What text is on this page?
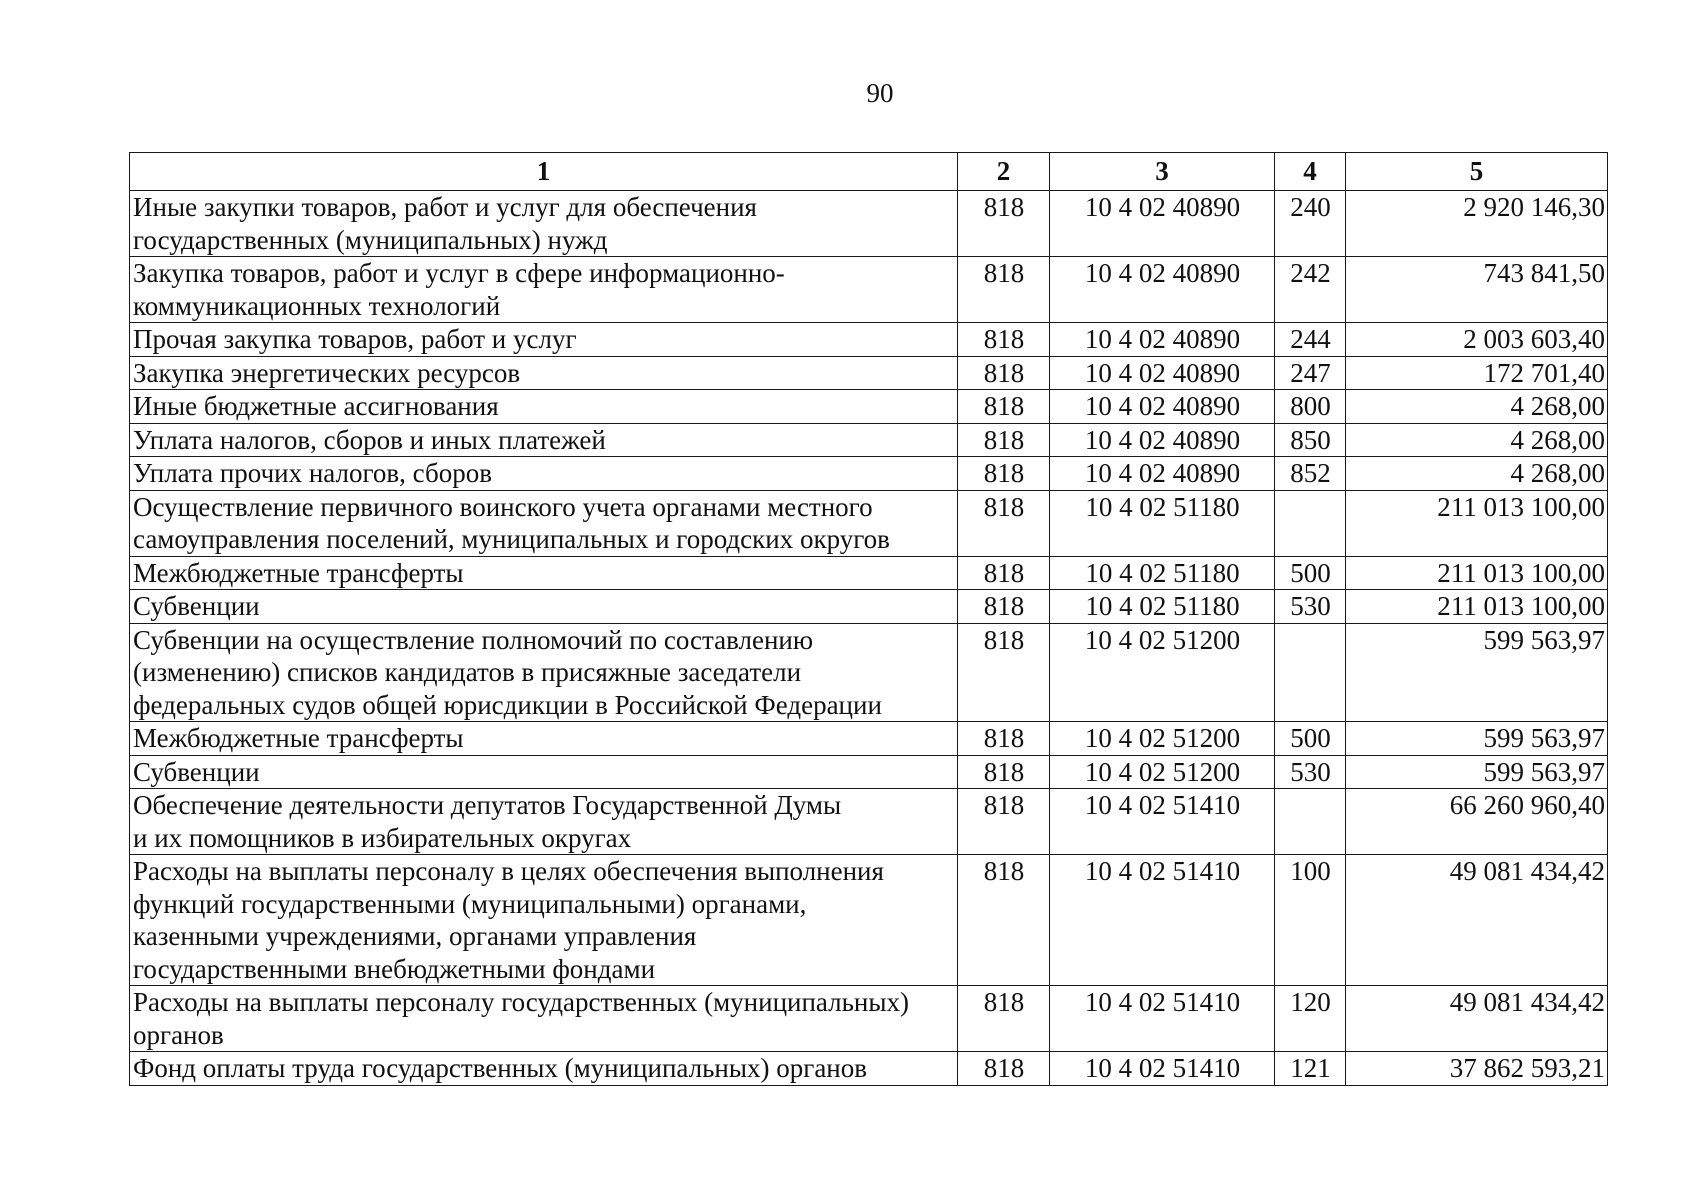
90
1	2	3	4	5
Иные закупки товаров, работ и услуг для обеспечения
государственных (муниципальных) нужд	818	10 4 02 40890	240	2 920 146,30
Закупка товаров, работ и услуг в сфере информационно-
коммуникационных технологий	818	10 4 02 40890	242	743 841,50
Прочая закупка товаров, работ и услуг	818	10 4 02 40890	244	2 003 603,40
Закупка энергетических ресурсов	818	10 4 02 40890	247	172 701,40
Иные бюджетные ассигнования	818	10 4 02 40890	800	4 268,00
Уплата налогов, сборов и иных платежей	818	10 4 02 40890	850	4 268,00
Уплата прочих налогов, сборов	818	10 4 02 40890	852	4 268,00
Осуществление первичного воинского учета органами местного
самоуправления поселений, муниципальных и городских округов	818	10 4 02 51180		211 013 100,00
Межбюджетные трансферты	818	10 4 02 51180	500	211 013 100,00
Субвенции	818	10 4 02 51180	530	211 013 100,00
Субвенции на осуществление полномочий по составлению
(изменению) списков кандидатов в присяжные заседатели
федеральных судов общей юрисдикции в Российской Федерации	818	10 4 02 51200		599 563,97
Межбюджетные трансферты	818	10 4 02 51200	500	599 563,97
Субвенции	818	10 4 02 51200	530	599 563,97
Обеспечение деятельности депутатов Государственной Думы
и их помощников в избирательных округах	818	10 4 02 51410		66 260 960,40
Расходы на выплаты персоналу в целях обеспечения выполнения
функций государственными (муниципальными) органами,
казенными учреждениями, органами управления
государственными внебюджетными фондами	818	10 4 02 51410	100	49 081 434,42
Расходы на выплаты персоналу государственных (муниципальных)
органов	818	10 4 02 51410	120	49 081 434,42
Фонд оплаты труда государственных (муниципальных) органов	818	10 4 02 51410	121	37 862 593,21
